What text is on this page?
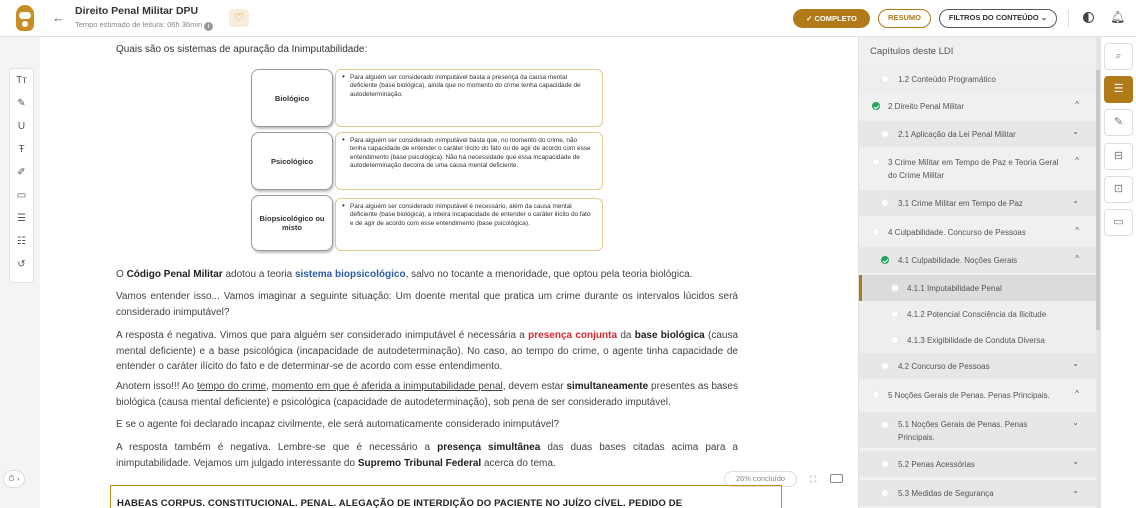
← Direito Penal Militar DPU
Tempo estimado de leitura: 06h 36min i
♡	✓ COMPLETO	RESUMO	FILTROS DO CONTEÚDO ⌄	🔔︎
Tт
✎
U
Ŧ
✐
▭
☰
☷
↺
⏱ ›
Quais são os sistemas de apuração da Inimputabilidade:
Biológico
• Para alguém ser considerado inimputável basta a presença da causa mental deficiente (base biológica), ainda que no momento do crime tenha capacidade de autodeterminação.
Psicológico
• Para alguém ser considerado inimputável basta que, no momento do crime, não tenha capacidade de entender o caráter ilícito do fato ou de agir de acordo com esse entendimento (base psicológica). Não há necessidade que essa incapacidade de autodeterminação decorra de uma causa mental deficiente.
Biopsicológico ou misto
• Para alguém ser considerado inimputável é necessário, além da causa mental deficiente (base biológica), a inteira incapacidade de entender o caráter ilícito do fato e de agir de acordo com esse entendimento (base psicológica).
O Código Penal Militar adotou a teoria sistema biopsicológico, salvo no tocante a menoridade, que optou pela teoria biológica.
Vamos entender isso... Vamos imaginar a seguinte situação: Um doente mental que pratica um crime durante os intervalos lúcidos será considerado inimputável?
A resposta é negativa. Vimos que para alguém ser considerado inimputável é necessária a presença conjunta da base biológica (causa mental deficiente) e a base psicológica (incapacidade de autodeterminação). No caso, ao tempo do crime, o agente tinha capacidade de entender o caráter ilícito do fato e de determinar-se de acordo com esse entendimento.
Anotem isso!!! Ao tempo do crime, momento em que é aferida a inimputabilidade penal, devem estar simultaneamente presentes as bases biológica (causa mental deficiente) e psicológica (capacidade de autodeterminação), sob pena de ser considerado imputável.
E se o agente foi declarado incapaz civilmente, ele será automaticamente considerado inimputável?
A resposta também é negativa. Lembre-se que é necessário a presença simultânea das duas bases citadas acima para a inimputabilidade. Vejamos um julgado interessante do Supremo Tribunal Federal acerca do tema.
26% concluído	⛶
HABEAS CORPUS. CONSTITUCIONAL. PENAL. ALEGAÇÃO DE INTERDIÇÃO DO PACIENTE NO JUÍZO CÍVEL. PEDIDO DE
Capítulos deste LDI
1.2 Conteúdo Programático
2 Direito Penal Militar	^
2.1 Aplicação da Lei Penal Militar	⌄
3 Crime Militar em Tempo de Paz e Teoria Geral do Crime Militar
^
3.1 Crime Militar em Tempo de Paz	⌄
4 Culpabilidade. Concurso de Pessoas	^
4.1 Culpabilidade. Noções Gerais	^
4.1.1 Imputabilidade Penal
4.1.2 Potencial Consciência da Ilicitude
4.1.3 Exigibilidade de Conduta Diversa
4.2 Concurso de Pessoas	⌄
5 Noções Gerais de Penas. Penas Principais.	^
5.1 Noções Gerais de Penas. Penas Principais.
⌄
5.2 Penas Acessórias	⌄
5.3 Medidas de Segurança	⌄
⌕
☰
✎
⊟
⊡
▭
